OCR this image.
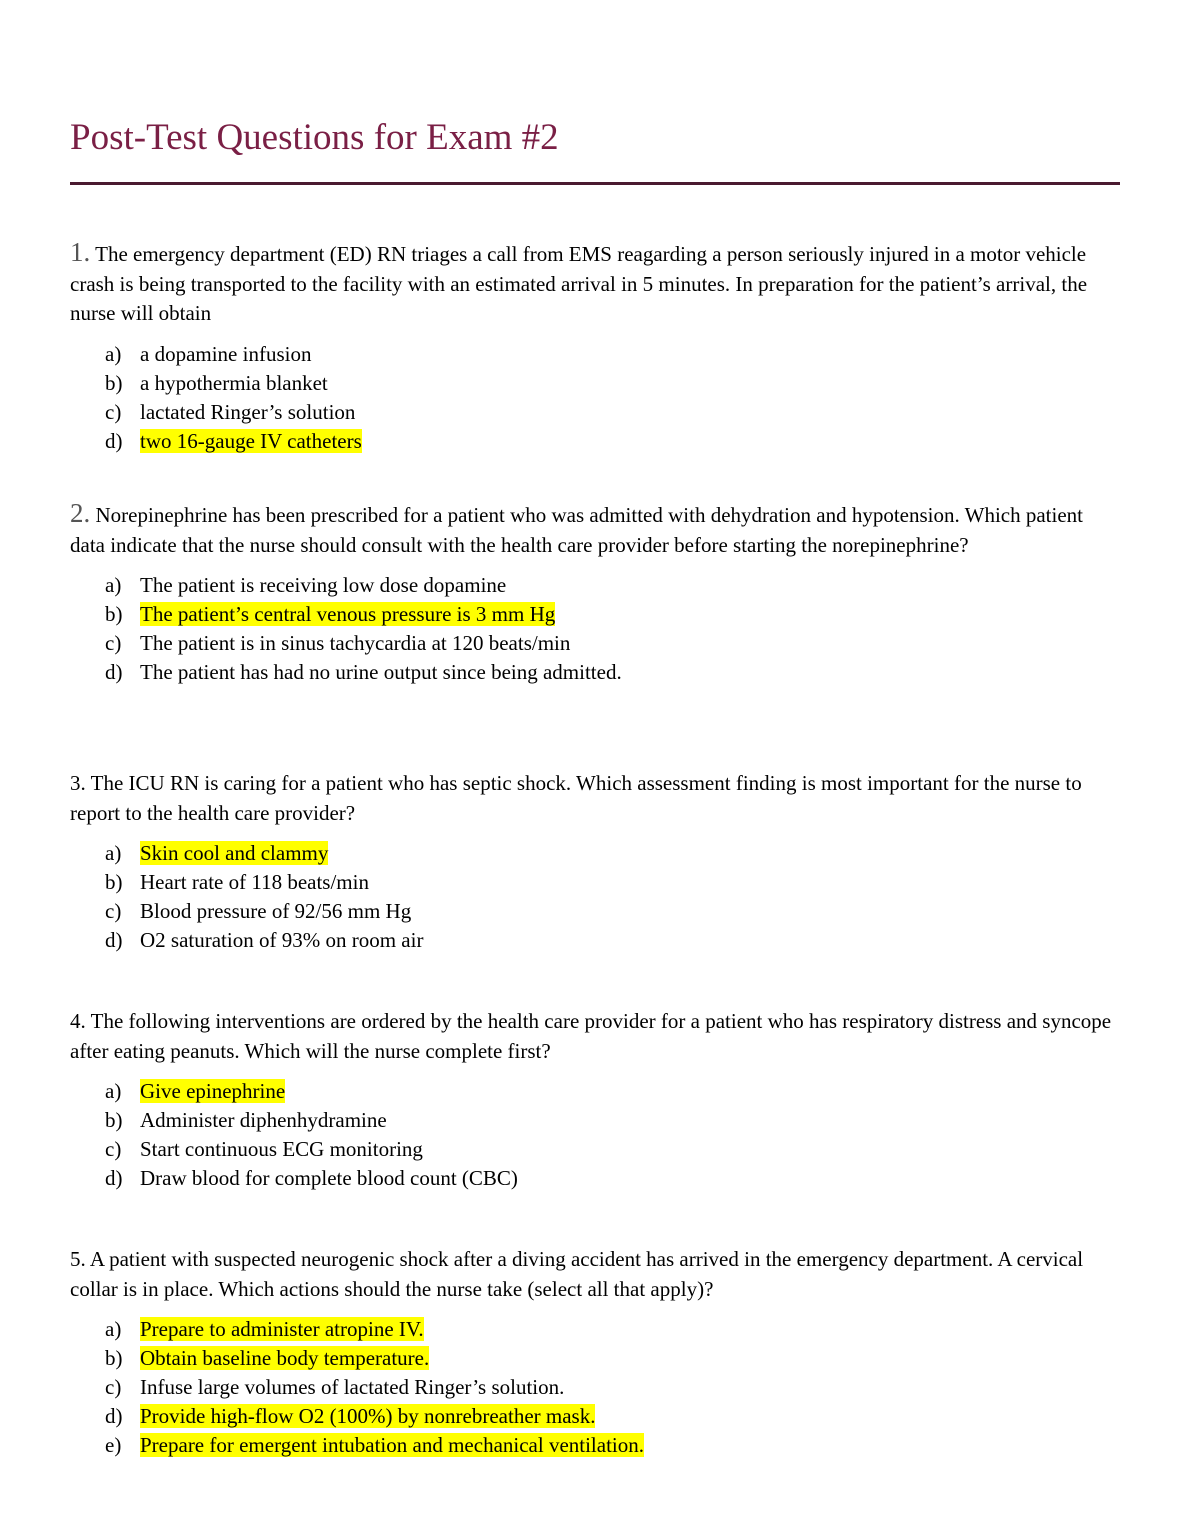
Post-Test Questions for Exam #2

1. The emergency department (ED) RN triages a call from EMS reagarding a person seriously injured in a motor vehicle crash is being transported to the facility with an estimated arrival in 5 minutes. In preparation for the patient’s arrival, the nurse will obtain

a) a dopamine infusion
b) a hypothermia blanket
c) lactated Ringer’s solution
d) two 16-gauge IV catheters

2. Norepinephrine has been prescribed for a patient who was admitted with dehydration and hypotension. Which patient data indicate that the nurse should consult with the health care provider before starting the norepinephrine?

a) The patient is receiving low dose dopamine
b) The patient’s central venous pressure is 3 mm Hg
c) The patient is in sinus tachycardia at 120 beats/min
d) The patient has had no urine output since being admitted.

3. The ICU RN is caring for a patient who has septic shock. Which assessment finding is most important for the nurse to report to the health care provider?

a) Skin cool and clammy
b) Heart rate of 118 beats/min
c) Blood pressure of 92/56 mm Hg
d) O2 saturation of 93% on room air

4. The following interventions are ordered by the health care provider for a patient who has respiratory distress and syncope after eating peanuts. Which will the nurse complete first?

a) Give epinephrine
b) Administer diphenhydramine
c) Start continuous ECG monitoring
d) Draw blood for complete blood count (CBC)

5. A patient with suspected neurogenic shock after a diving accident has arrived in the emergency department. A cervical collar is in place. Which actions should the nurse take (select all that apply)?

a) Prepare to administer atropine IV.
b) Obtain baseline body temperature.
c) Infuse large volumes of lactated Ringer’s solution.
d) Provide high-flow O2 (100%) by nonrebreather mask.
e) Prepare for emergent intubation and mechanical ventilation.
